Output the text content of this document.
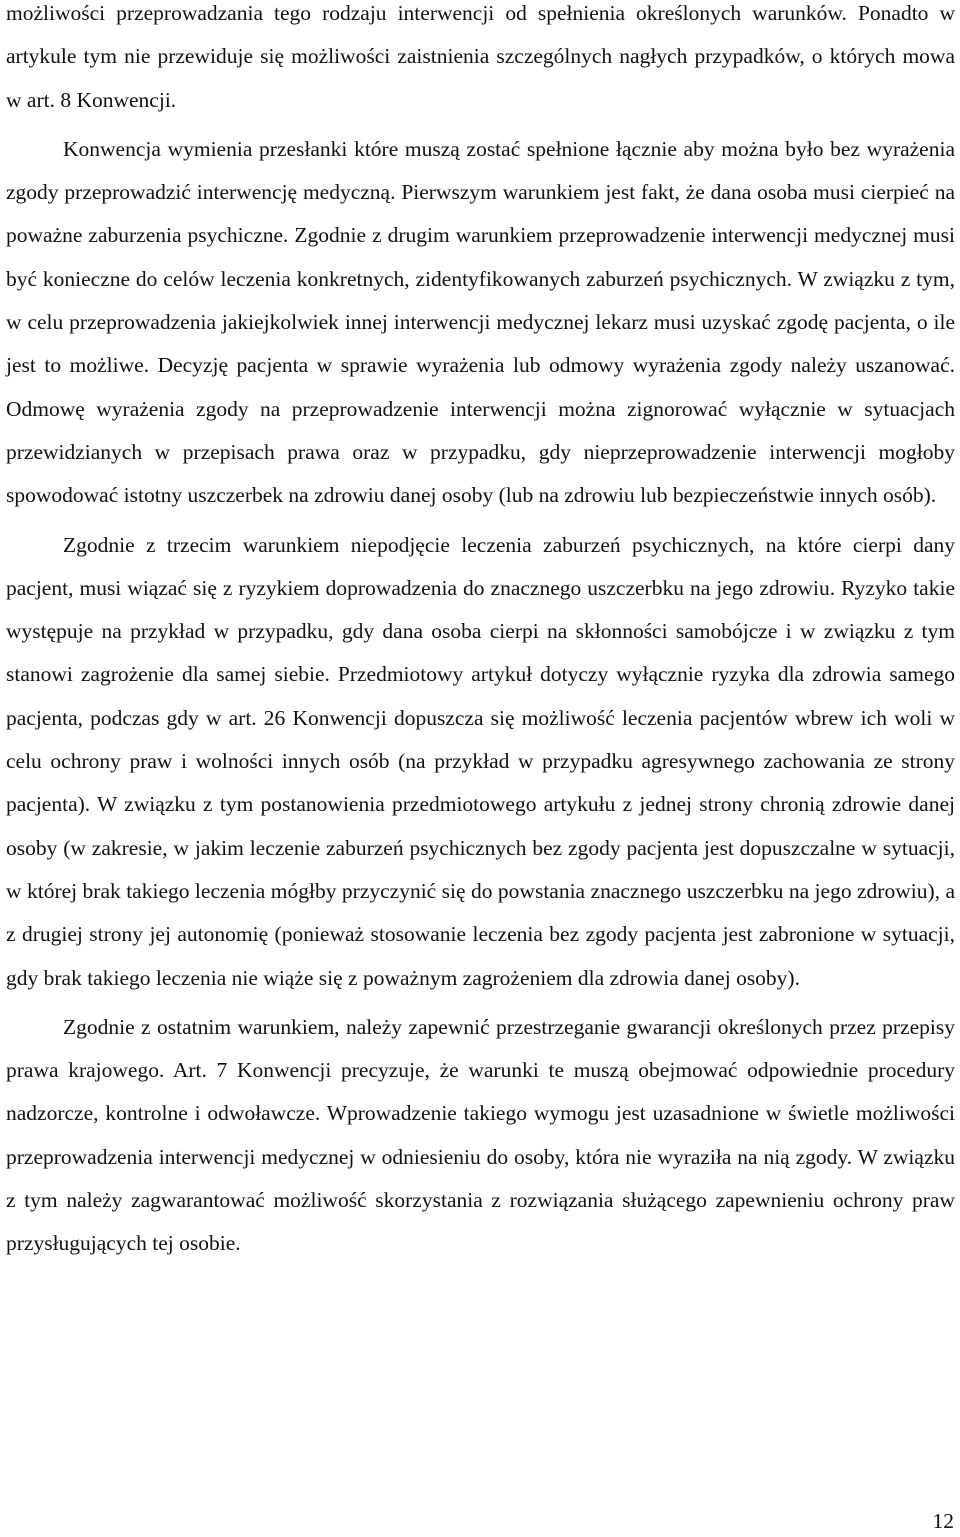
możliwości przeprowadzania tego rodzaju interwencji od spełnienia określonych warunków. Ponadto w artykule tym nie przewiduje się możliwości zaistnienia szczególnych nagłych przypadków, o których mowa w art. 8 Konwencji.

Konwencja wymienia przesłanki które muszą zostać spełnione łącznie aby można było bez wyrażenia zgody przeprowadzić interwencję medyczną. Pierwszym warunkiem jest fakt, że dana osoba musi cierpieć na poważne zaburzenia psychiczne. Zgodnie z drugim warunkiem przeprowadzenie interwencji medycznej musi być konieczne do celów leczenia konkretnych, zidentyfikowanych zaburzeń psychicznych. W związku z tym, w celu przeprowadzenia jakiejkolwiek innej interwencji medycznej lekarz musi uzyskać zgodę pacjenta, o ile jest to możliwe. Decyzję pacjenta w sprawie wyrażenia lub odmowy wyrażenia zgody należy uszanować. Odmowę wyrażenia zgody na przeprowadzenie interwencji można zignorować wyłącznie w sytuacjach przewidzianych w przepisach prawa oraz w przypadku, gdy nieprzeprowadzenie interwencji mogłoby spowodować istotny uszczerbek na zdrowiu danej osoby (lub na zdrowiu lub bezpieczeństwie innych osób).

Zgodnie z trzecim warunkiem niepodjęcie leczenia zaburzeń psychicznych, na które cierpi dany pacjent, musi wiązać się z ryzykiem doprowadzenia do znacznego uszczerbku na jego zdrowiu. Ryzyko takie występuje na przykład w przypadku, gdy dana osoba cierpi na skłonności samobójcze i w związku z tym stanowi zagrożenie dla samej siebie. Przedmiotowy artykuł dotyczy wyłącznie ryzyka dla zdrowia samego pacjenta, podczas gdy w art. 26 Konwencji dopuszcza się możliwość leczenia pacjentów wbrew ich woli w celu ochrony praw i wolności innych osób (na przykład w przypadku agresywnego zachowania ze strony pacjenta). W związku z tym postanowienia przedmiotowego artykułu z jednej strony chronią zdrowie danej osoby (w zakresie, w jakim leczenie zaburzeń psychicznych bez zgody pacjenta jest dopuszczalne w sytuacji, w której brak takiego leczenia mógłby przyczynić się do powstania znacznego uszczerbku na jego zdrowiu), a z drugiej strony jej autonomię (ponieważ stosowanie leczenia bez zgody pacjenta jest zabronione w sytuacji, gdy brak takiego leczenia nie wiąże się z poważnym zagrożeniem dla zdrowia danej osoby).

Zgodnie z ostatnim warunkiem, należy zapewnić przestrzeganie gwarancji określonych przez przepisy prawa krajowego. Art. 7 Konwencji precyzuje, że warunki te muszą obejmować odpowiednie procedury nadzorcze, kontrolne i odwoławcze. Wprowadzenie takiego wymogu jest uzasadnione w świetle możliwości przeprowadzenia interwencji medycznej w odniesieniu do osoby, która nie wyraziła na nią zgody. W związku z tym należy zagwarantować możliwość skorzystania z rozwiązania służącego zapewnieniu ochrony praw przysługujących tej osobie.

12
